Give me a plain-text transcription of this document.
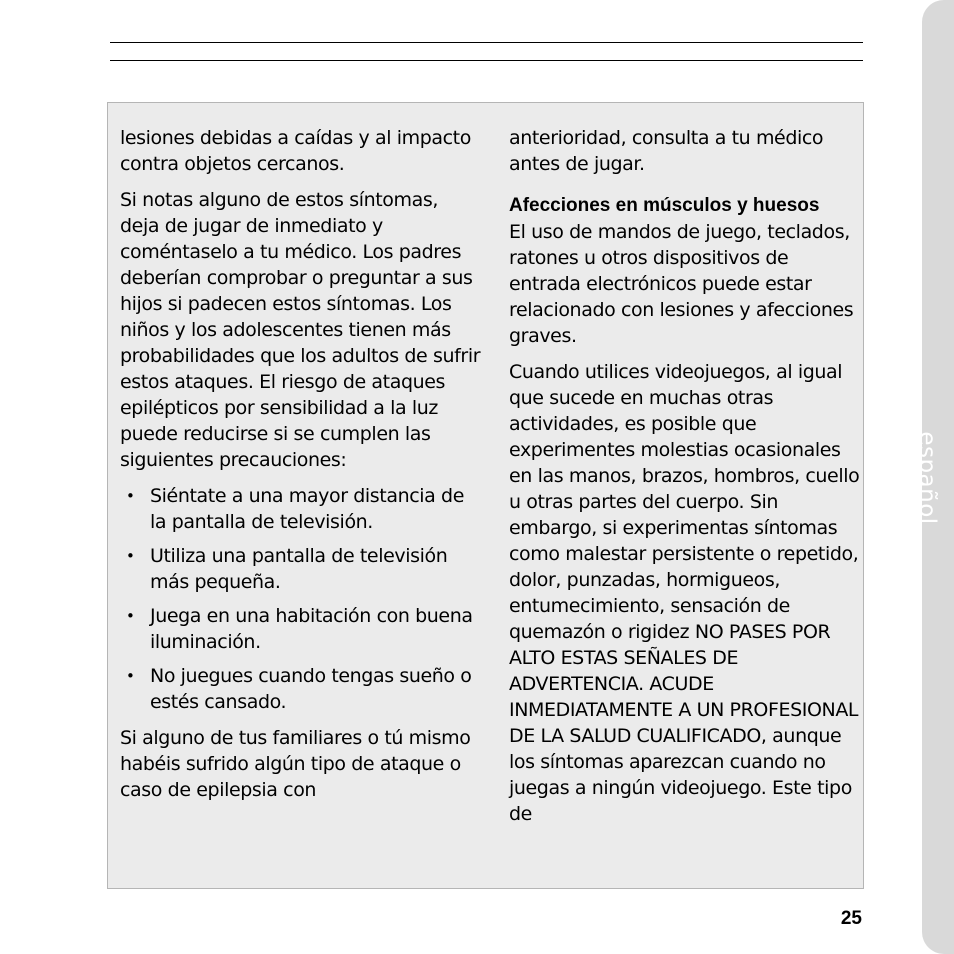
español

lesiones debidas a caídas y al impacto contra objetos cercanos.

Si notas alguno de estos síntomas, deja de jugar de inmediato y coméntaselo a tu médico. Los padres deberían comprobar o preguntar a sus hijos si padecen estos síntomas. Los niños y los adolescentes tienen más probabilidades que los adultos de sufrir estos ataques. El riesgo de ataques epilépticos por sensibilidad a la luz puede reducirse si se cumplen las siguientes precauciones:

• Siéntate a una mayor distancia de la pantalla de televisión.
• Utiliza una pantalla de televisión más pequeña.
• Juega en una habitación con buena iluminación.
• No juegues cuando tengas sueño o estés cansado.

Si alguno de tus familiares o tú mismo habéis sufrido algún tipo de ataque o caso de epilepsia con

anterioridad, consulta a tu médico antes de jugar.

Afecciones en músculos y huesos

El uso de mandos de juego, teclados, ratones u otros dispositivos de entrada electrónicos puede estar relacionado con lesiones y afecciones graves.

Cuando utilices videojuegos, al igual que sucede en muchas otras actividades, es posible que experimentes molestias ocasionales en las manos, brazos, hombros, cuello u otras partes del cuerpo. Sin embargo, si experimentas síntomas como malestar persistente o repetido, dolor, punzadas, hormigueos, entumecimiento, sensación de quemazón o rigidez NO PASES POR ALTO ESTAS SEÑALES DE ADVERTENCIA. ACUDE INMEDIATAMENTE A UN PROFESIONAL DE LA SALUD CUALIFICADO, aunque los síntomas aparezcan cuando no juegas a ningún videojuego. Este tipo de

25
